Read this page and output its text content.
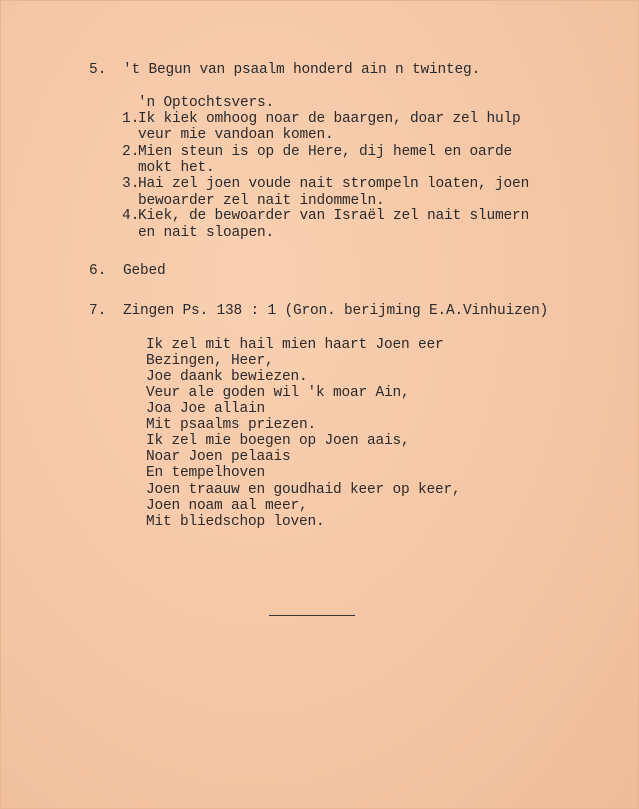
5. 't Begun van psaalm honderd ain n twinteg.
'n Optochtsvers.
1.
Ik kiek omhoog noar de baargen, doar zel hulp
veur mie vandoan komen.
2.
Mien steun is op de Here, dij hemel en oarde
mokt het.
3.
Hai zel joen voude nait strompeln loaten, joen
bewoarder zel nait indommeln.
4.
Kiek, de bewoarder van Israël zel nait slumern
en nait sloapen.
6. Gebed
7. Zingen Ps. 138 : 1 (Gron. berijming E.A.Vinhuizen)
Ik zel mit hail mien haart Joen eer
Bezingen, Heer,
Joe daank bewiezen.
Veur ale goden wil 'k moar Ain,
Joa Joe allain
Mit psaalms priezen.
Ik zel mie boegen op Joen aais,
Noar Joen pelaais
En tempelhoven
Joen traauw en goudhaid keer op keer,
Joen noam aal meer,
Mit bliedschop loven.
